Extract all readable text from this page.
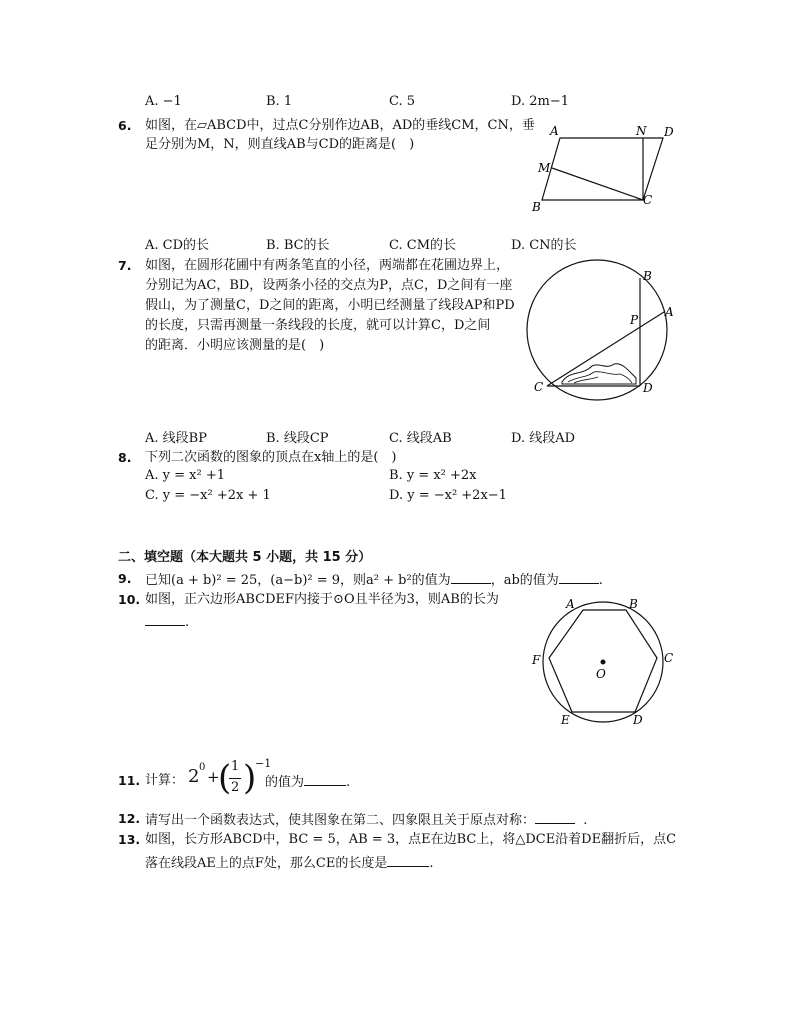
A. −1	B. 1	C. 5	D. 2m−1
6. 如图，在▱ABCD中，过点C分别作边AB，AD的垂线CM，CN，垂
足分别为M，N，则直线AB与CD的距离是(　)
A	N D
M
B	C
A. CD的长	B. BC的长	C. CM的长	D. CN的长
7. 如图，在圆形花圃中有两条笔直的小径，两端都在花圃边界上，
分别记为AC，BD，设两条小径的交点为P，点C，D之间有一座
假山，为了测量C，D之间的距离，小明已经测量了线段AP和PD
的长度，只需再测量一条线段的长度，就可以计算C，D之间
的距离．小明应该测量的是(　)
B
A
P
C	D
A. 线段BP	B. 线段CP	C. 线段AB	D. 线段AD
8. 下列二次函数的图象的顶点在x轴上的是(　)
A. y = x² +1	B. y = x² +2x
C. y = −x² +2x + 1	D. y = −x² +2x−1
二、填空题（本大题共 5 小题，共 15 分）
9. 已知(a + b)² = 25，(a−b)² = 9，则a² + b²的值为	，ab的值为	.
10. 如图，正六边形ABCDEF内接于⊙O且半径为3，则AB的长为
.
A	B
C
D
E
F
O
11. 计算： 2 0
+
( 1
2 )
−1
的值为	.
12. 请写出一个函数表达式，使其图象在第二、四象限且关于原点对称：	.
13. 如图，长方形ABCD中，BC = 5，AB = 3，点E在边BC上，将△DCE沿着DE翻折后，点C
落在线段AE上的点F处，那么CE的长度是	.
